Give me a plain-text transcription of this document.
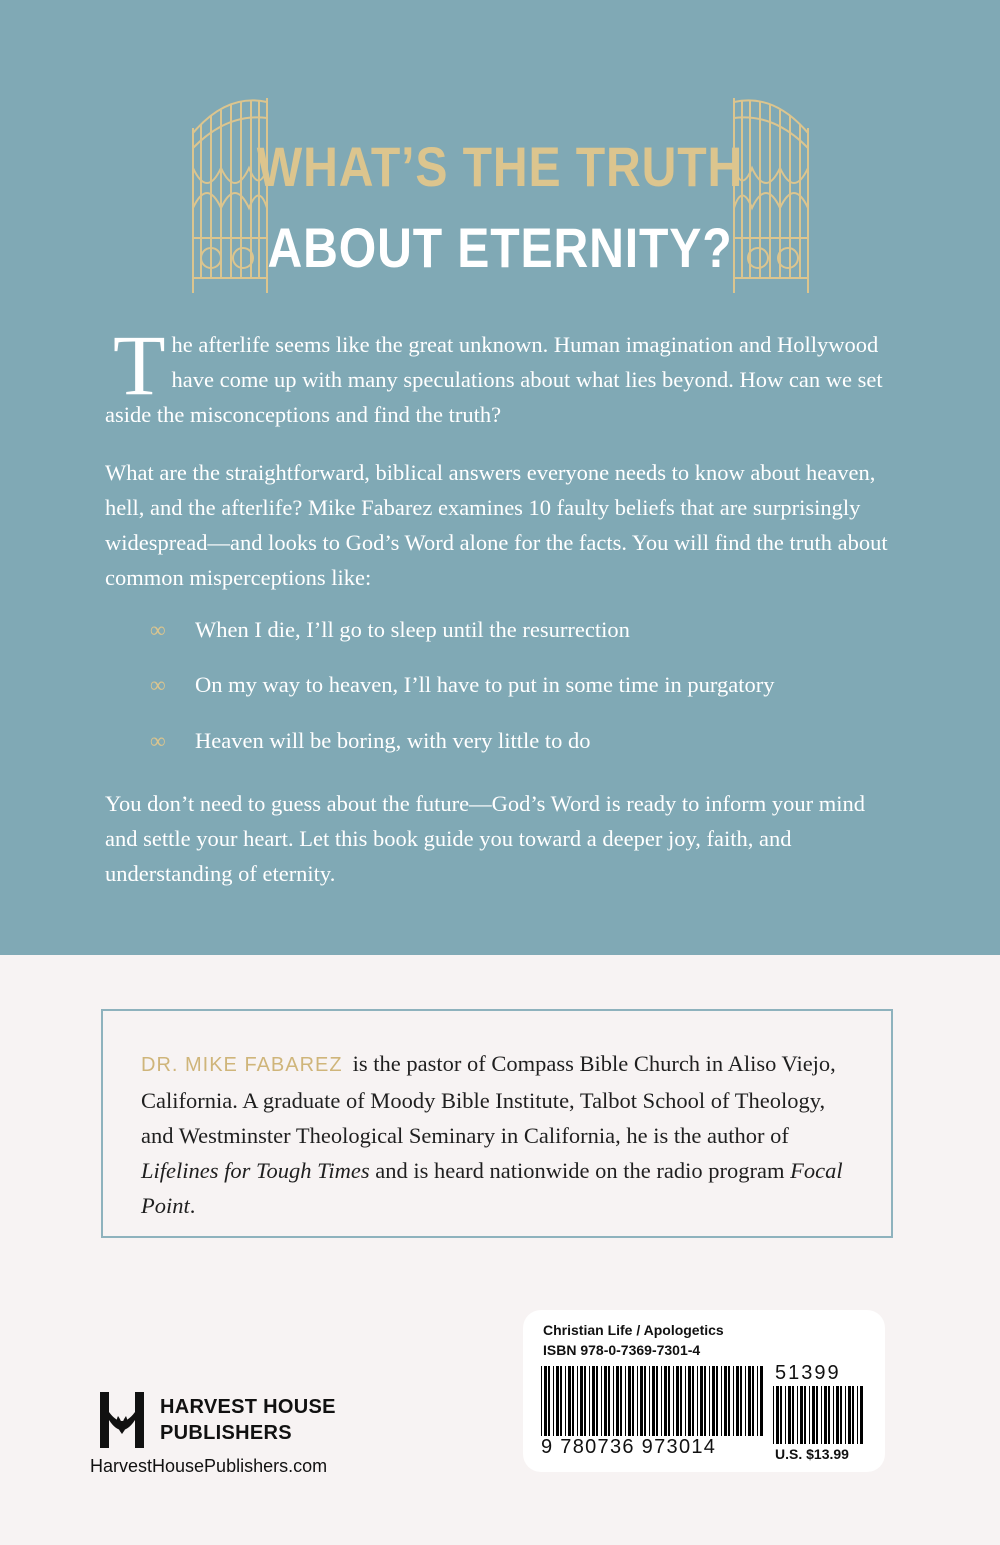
WHAT’S THE TRUTH
ABOUT ETERNITY?
The afterlife seems like the great unknown. Human imagination and Hollywood have come up with many speculations about what lies beyond. How can we set aside the misconceptions and find the truth?
What are the straightforward, biblical answers everyone needs to know about heaven, hell, and the afterlife? Mike Fabarez examines 10 faulty beliefs that are surprisingly widespread—and looks to God’s Word alone for the facts. You will find the truth about common misperceptions like:
∞ When I die, I’ll go to sleep until the resurrection
∞ On my way to heaven, I’ll have to put in some time in purgatory
∞ Heaven will be boring, with very little to do
You don’t need to guess about the future—God’s Word is ready to inform your mind and settle your heart. Let this book guide you toward a deeper joy, faith, and understanding of eternity.
DR. MIKE FABAREZ is the pastor of Compass Bible Church in Aliso Viejo, California. A graduate of Moody Bible Institute, Talbot School of Theology, and Westminster Theological Seminary in California, he is the author of Lifelines for Tough Times and is heard nationwide on the radio program Focal Point.
HARVEST HOUSE
PUBLISHERS
HarvestHousePublishers.com
Christian Life / Apologetics
ISBN 978-0-7369-7301-4
9 780736 973014
51399
U.S. $13.99
